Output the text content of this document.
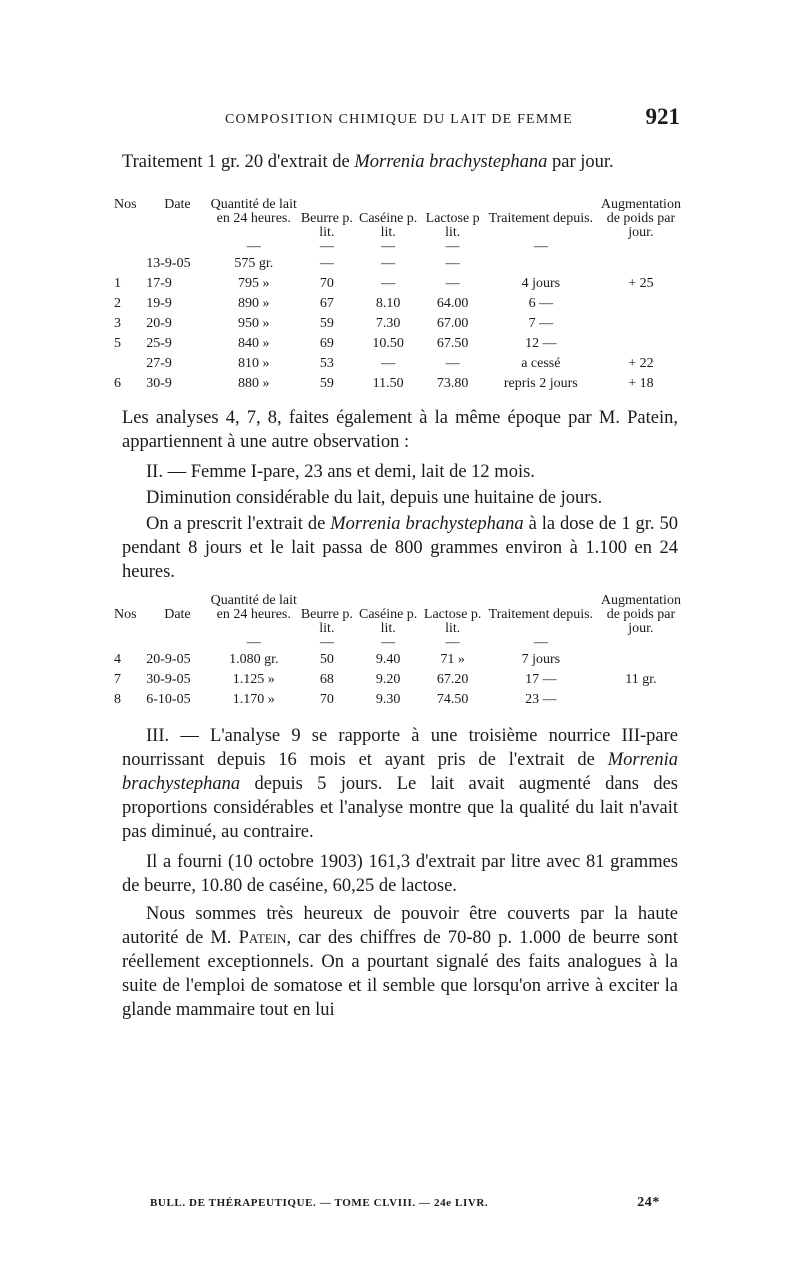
COMPOSITION CHIMIQUE DU LAIT DE FEMME	921

Traitement 1 gr. 20 d'extrait de Morrenia brachystephana par jour.

Nos	Date	Quantité de lait en 24 heures.	Beurre p. lit.	Caséine p. lit.	Lactose p lit.	Traitement depuis.	Augmentation de poids par jour.
		—	—	—	—	—	
	13-9-05	575 gr.	—	—	—		
1	17-9	795 »	70	—	—	4 jours	+ 25
2	19-9	890 »	67	8.10	64.00	6 —	
3	20-9	950 »	59	7.30	67.00	7 —	
5	25-9	840 »	69	10.50	67.50	12 —	
	27-9	810 »	53	—	—	a cessé	+ 22
6	30-9	880 »	59	11.50	73.80	repris 2 jours	+ 18

Les analyses 4, 7, 8, faites également à la même époque par M. Patein, appartiennent à une autre observation :

II. — Femme I-pare, 23 ans et demi, lait de 12 mois.

Diminution considérable du lait, depuis une huitaine de jours.

On a prescrit l'extrait de Morrenia brachystephana à la dose de 1 gr. 50 pendant 8 jours et le lait passa de 800 grammes environ à 1.100 en 24 heures.

Nos	Date	Quantité de lait en 24 heures.	Beurre p. lit.	Caséine p. lit.	Lactose p. lit.	Traitement depuis.	Augmentation de poids par jour.
		—	—	—	—	—	
4	20-9-05	1.080 gr.	50	9.40	71 »	7 jours	
7	30-9-05	1.125 »	68	9.20	67.20	17 —	11 gr.
8	6-10-05	1.170 »	70	9.30	74.50	23 —	

III. — L'analyse 9 se rapporte à une troisième nourrice III-pare nourrissant depuis 16 mois et ayant pris de l'extrait de Morrenia brachystephana depuis 5 jours. Le lait avait augmenté dans des proportions considérables et l'analyse montre que la qualité du lait n'avait pas diminué, au contraire.

Il a fourni (10 octobre 1903) 161,3 d'extrait par litre avec 81 grammes de beurre, 10.80 de caséine, 60,25 de lactose.

Nous sommes très heureux de pouvoir être couverts par la haute autorité de M. Patein, car des chiffres de 70-80 p. 1.000 de beurre sont réellement exceptionnels. On a pourtant signalé des faits analogues à la suite de l'emploi de somatose et il semble que lorsqu'on arrive à exciter la glande mammaire tout en lui

BULL. DE THÉRAPEUTIQUE. — TOME CLVIII. — 24e LIVR.	24*
